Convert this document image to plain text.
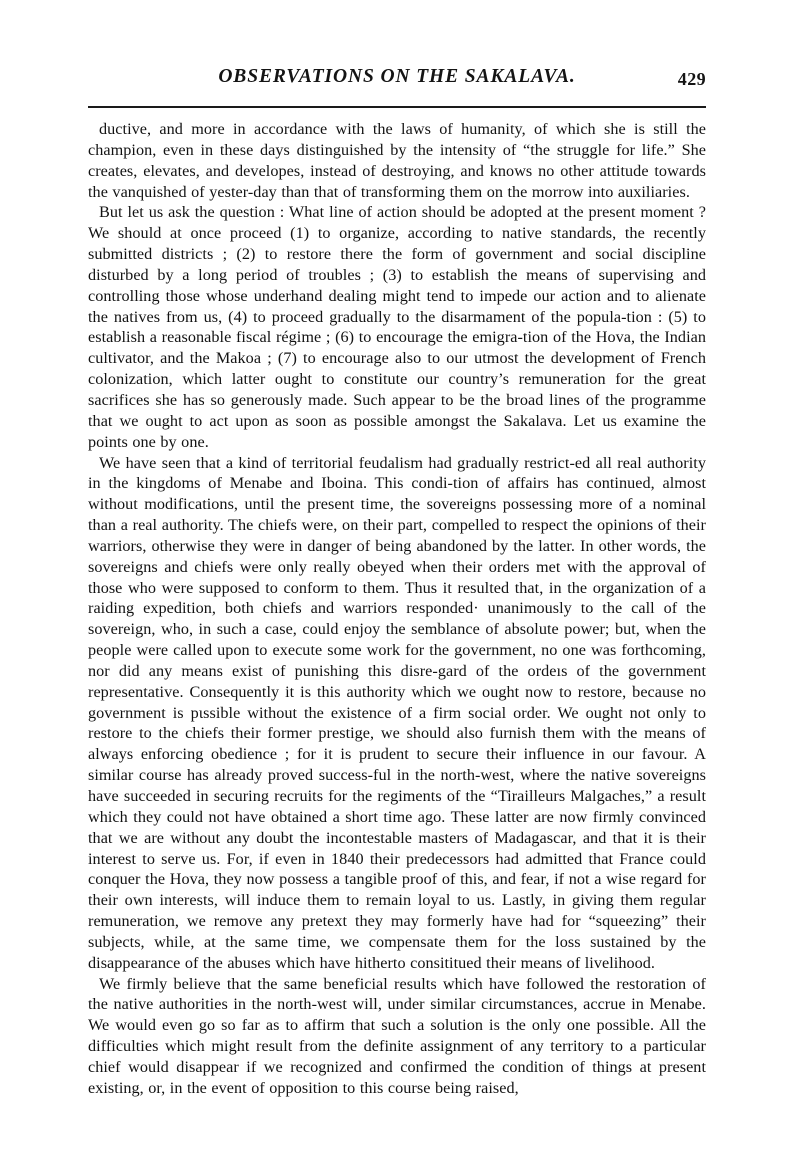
OBSERVATIONS ON THE SAKALAVA.	429

ductive, and more in accordance with the laws of humanity, of which she is still the champion, even in these days distinguished by the intensity of “the struggle for life.” She creates, elevates, and developes, instead of destroying, and knows no other attitude towards the vanquished of yester-day than that of transforming them on the morrow into auxiliaries.

But let us ask the question : What line of action should be adopted at the present moment ? We should at once proceed (1) to organize, according to native standards, the recently submitted districts ; (2) to restore there the form of government and social discipline disturbed by a long period of troubles ; (3) to establish the means of supervising and controlling those whose underhand dealing might tend to impede our action and to alienate the natives from us, (4) to proceed gradually to the disarmament of the popula-tion : (5) to establish a reasonable fiscal régime ; (6) to encourage the emigra-tion of the Hova, the Indian cultivator, and the Makoa ; (7) to encourage also to our utmost the development of French colonization, which latter ought to constitute our country’s remuneration for the great sacrifices she has so generously made. Such appear to be the broad lines of the programme that we ought to act upon as soon as possible amongst the Sakalava. Let us examine the points one by one.

We have seen that a kind of territorial feudalism had gradually restrict-ed all real authority in the kingdoms of Menabe and Iboina. This condi-tion of affairs has continued, almost without modifications, until the present time, the sovereigns possessing more of a nominal than a real authority. The chiefs were, on their part, compelled to respect the opinions of their warriors, otherwise they were in danger of being abandoned by the latter. In other words, the sovereigns and chiefs were only really obeyed when their orders met with the approval of those who were supposed to conform to them. Thus it resulted that, in the organization of a raiding expedition, both chiefs and warriors responded· unanimously to the call of the sovereign, who, in such a case, could enjoy the semblance of absolute power; but, when the people were called upon to execute some work for the government, no one was forthcoming, nor did any means exist of punishing this disre-gard of the ordeıs of the government representative. Consequently it is this authority which we ought now to restore, because no government is pιssible without the existence of a firm social order. We ought not only to restore to the chiefs their former prestige, we should also furnish them with the means of always enforcing obedience ; for it is prudent to secure their influence in our favour. A similar course has already proved success-ful in the north-west, where the native sovereigns have succeeded in securing recruits for the regiments of the “Tirailleurs Malgaches,” a result which they could not have obtained a short time ago. These latter are now firmly convinced that we are without any doubt the incontestable masters of Madagascar, and that it is their interest to serve us. For, if even in 1840 their predecessors had admitted that France could conquer the Hova, they now possess a tangible proof of this, and fear, if not a wise regard for their own interests, will induce them to remain loyal to us. Lastly, in giving them regular remuneration, we remove any pretext they may formerly have had for “squeezing” their subjects, while, at the same time, we compensate them for the loss sustained by the disappearance of the abuses which have hitherto consititued their means of livelihood.

We firmly believe that the same beneficial results which have followed the restoration of the native authorities in the north-west will, under similar circumstances, accrue in Menabe. We would even go so far as to affirm that such a solution is the only one possible. All the difficulties which might result from the definite assignment of any territory to a particular chief would disappear if we recognized and confirmed the condition of things at present existing, or, in the event of opposition to this course being raised,
